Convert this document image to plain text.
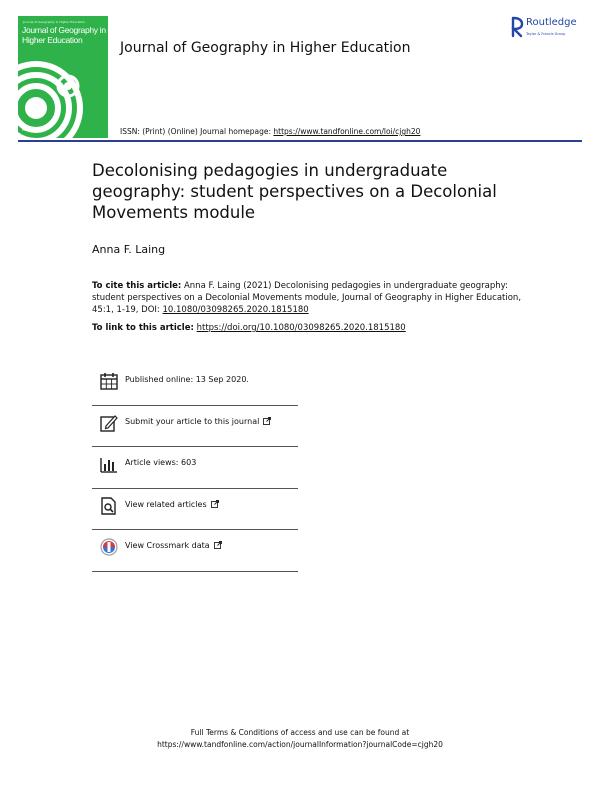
Journal of Geography in Higher Education
Journal of Geography in Higher Education
Routledge
Journal of Geography in Higher Education
Routledge
Taylor & Francis Group
ISSN: (Print) (Online) Journal homepage: https://www.tandfonline.com/loi/cjgh20
Decolonising pedagogies in undergraduate geography: student perspectives on a Decolonial Movements module
Anna F. Laing
To cite this article: Anna F. Laing (2021) Decolonising pedagogies in undergraduate geography: student perspectives on a Decolonial Movements module, Journal of Geography in Higher Education, 45:1, 1-19, DOI: 10.1080/03098265.2020.1815180
To link to this article: https://doi.org/10.1080/03098265.2020.1815180
Published online: 13 Sep 2020.
Submit your article to this journal
Article views: 603
View related articles
View Crossmark data
Full Terms & Conditions of access and use can be found at
https://www.tandfonline.com/action/journalInformation?journalCode=cjgh20
